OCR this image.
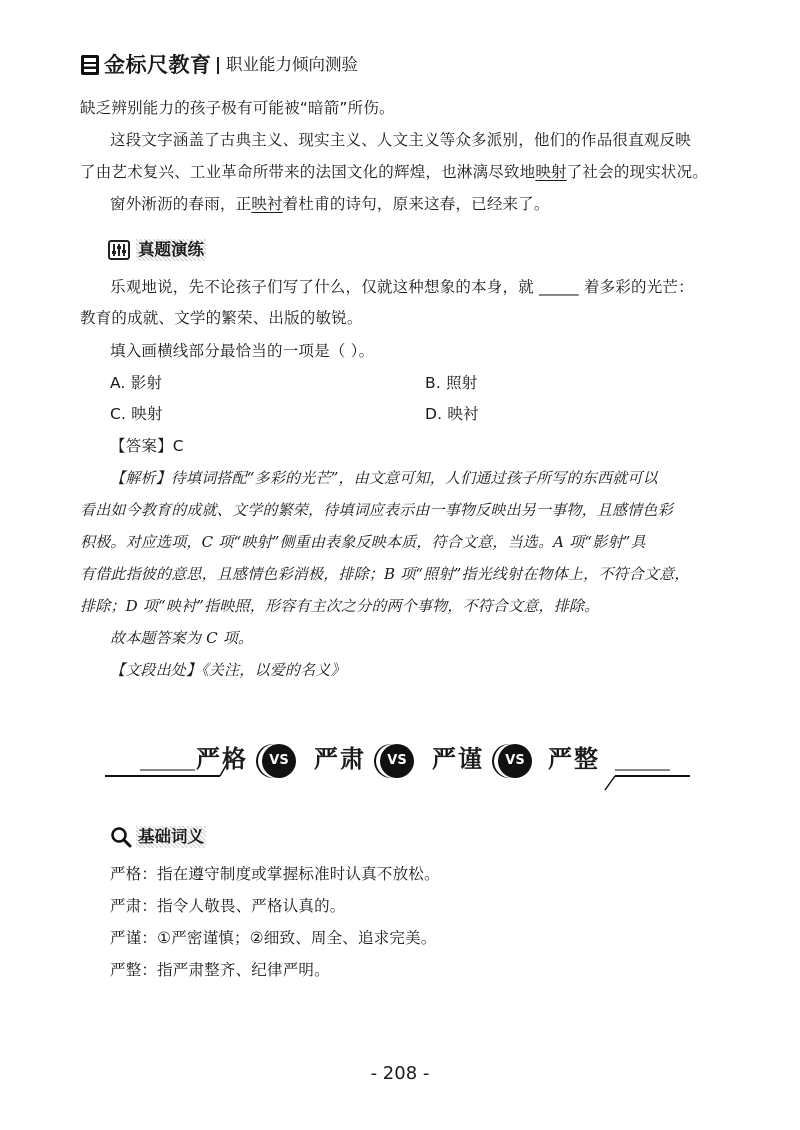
金标尺教育 职业能力倾向测验
缺乏辨别能力的孩子极有可能被“暗箭”所伤。
这段文字涵盖了古典主义、现实主义、人文主义等众多派别，他们的作品很直观反映
了由艺术复兴、工业革命所带来的法国文化的辉煌，也淋漓尽致地映射了社会的现实状况。
窗外淅沥的春雨，正映衬着杜甫的诗句，原来这春，已经来了。
真题演练
乐观地说，先不论孩子们写了什么，仅就这种想象的本身，就 _____ 着多彩的光芒：
教育的成就、文学的繁荣、出版的敏锐。
填入画横线部分最恰当的一项是（ ）。
A. 影射	B. 照射
C. 映射	D. 映衬
【答案】C
【解析】待填词搭配“多彩的光芒”，由文意可知，人们通过孩子所写的东西就可以
看出如今教育的成就、文学的繁荣，待填词应表示由一事物反映出另一事物，且感情色彩
积极。对应选项，C 项“映射”侧重由表象反映本质，符合文意，当选。A 项“影射”具
有借此指彼的意思，且感情色彩消极，排除；B 项“照射”指光线射在物体上，不符合文意，
排除；D 项“映衬”指映照，形容有主次之分的两个事物，不符合文意，排除。
故本题答案为 C 项。
【文段出处】《关注，以爱的名义》
严格	VS	严肃	VS	严谨	VS 严整
基础词义
严格：指在遵守制度或掌握标准时认真不放松。
严肃：指令人敬畏、严格认真的。
严谨：①严密谨慎；②细致、周全、追求完美。
严整：指严肃整齐、纪律严明。
- 208 -
